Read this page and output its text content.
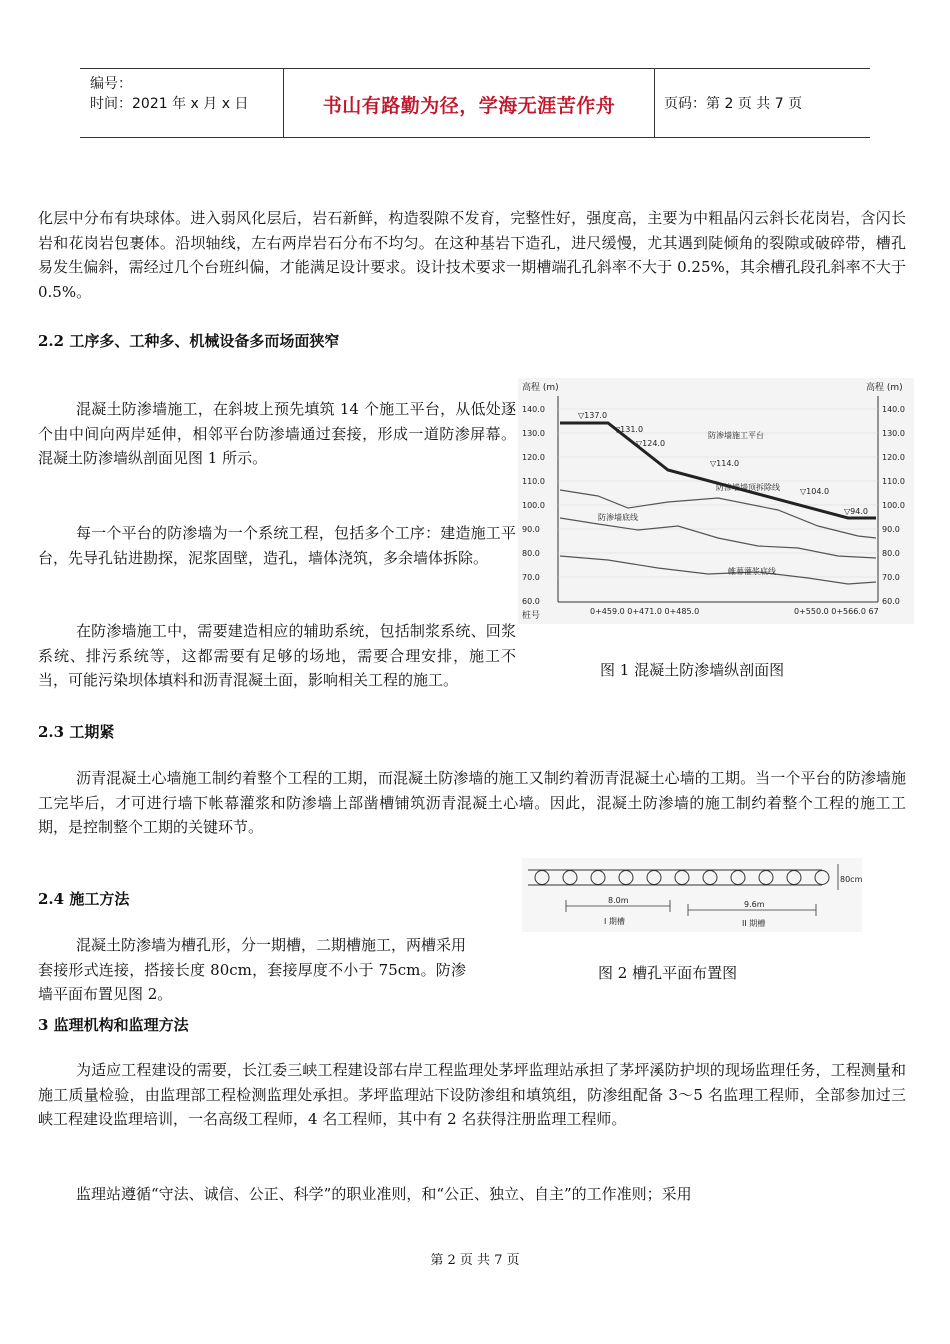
编号：
时间：2021 年 x 月 x 日	书山有路勤为径，学海无涯苦作舟	页码：第 2 页 共 7 页

化层中分布有块球体。进入弱风化层后，岩石新鲜，构造裂隙不发育，完整性好，强度高，主要为中粗晶闪云斜长花岗岩，含闪长岩和花岗岩包裹体。沿坝轴线，左右两岸岩石分布不均匀。在这种基岩下造孔，进尺缓慢，尤其遇到陡倾角的裂隙或破碎带，槽孔易发生偏斜，需经过几个台班纠偏，才能满足设计要求。设计技术要求一期槽端孔孔斜率不大于 0.25%，其余槽孔段孔斜率不大于 0.5%。

2.2 工序多、工种多、机械设备多而场面狭窄

混凝土防渗墙施工，在斜坡上预先填筑 14 个施工平台，从低处逐个由中间向两岸延伸，相邻平台防渗墙通过套接，形成一道防渗屏幕。混凝土防渗墙纵剖面见图 1 所示。

每一个平台的防渗墙为一个系统工程，包括多个工序：建造施工平台，先导孔钻进勘探，泥浆固壁，造孔，墙体浇筑，多余墙体拆除。

在防渗墙施工中，需要建造相应的辅助系统，包括制浆系统、回浆系统、排污系统等，这都需要有足够的场地，需要合理安排，施工不当，可能污染坝体填料和沥青混凝土面，影响相关工程的施工。

高程 (m)	高程 (m)
140.0
130.0
120.0
110.0
100.0
90.0
80.0
70.0
60.0
140.0
130.0
120.0
110.0
100.0
90.0
80.0
70.0
60.0
▽137.0
▽131.0
▽124.0
▽114.0
▽104.0
▽94.0
防渗墙施工平台
防渗墙墙顶拆除线
防渗墙底线
帷幕灌浆底线
桩号	0+459.0 0+471.0 0+485.0	0+550.0 0+566.0 67

图 1 混凝土防渗墙纵剖面图

2.3 工期紧

沥青混凝土心墙施工制约着整个工程的工期，而混凝土防渗墙的施工又制约着沥青混凝土心墙的工期。当一个平台的防渗墙施工完毕后，才可进行墙下帐幕灌浆和防渗墙上部凿槽铺筑沥青混凝土心墙。因此，混凝土防渗墙的施工制约着整个工程的施工工期，是控制整个工期的关键环节。

80cm
8.0m	9.6m
I 期槽	II 期槽

图 2 槽孔平面布置图

2.4 施工方法

混凝土防渗墙为槽孔形，分一期槽，二期槽施工，两槽采用套接形式连接，搭接长度 80cm，套接厚度不小于 75cm。防渗墙平面布置见图 2。

3 监理机构和监理方法

为适应工程建设的需要，长江委三峡工程建设部右岸工程监理处茅坪监理站承担了茅坪溪防护坝的现场监理任务，工程测量和施工质量检验，由监理部工程检测监理处承担。茅坪监理站下设防渗组和填筑组，防渗组配备 3～5 名监理工程师，全部参加过三峡工程建设监理培训，一名高级工程师，4 名工程师，其中有 2 名获得注册监理工程师。

监理站遵循“守法、诚信、公正、科学”的职业准则，和“公正、独立、自主”的工作准则；采用

第 2 页 共 7 页
